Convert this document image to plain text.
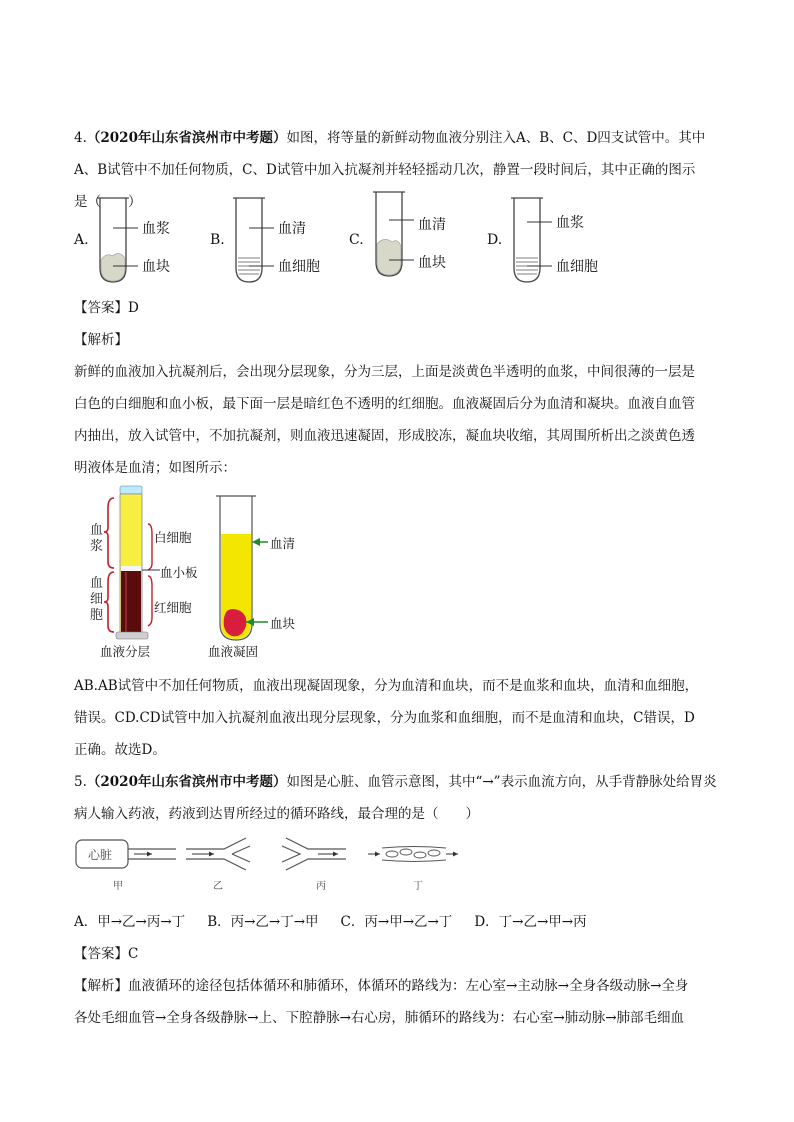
4.（2020年山东省滨州市中考题）如图，将等量的新鲜动物血液分别注入A、B、C、D四支试管中。其中
A、B试管中不加任何物质，C、D试管中加入抗凝剂并轻轻摇动几次，静置一段时间后，其中正确的图示
是（　　）
A.	B.	C.	D.
血浆
血块
血清
血细胞
血清
血块
血浆
血细胞
【答案】D
【解析】
新鲜的血液加入抗凝剂后，会出现分层现象，分为三层，上面是淡黄色半透明的血浆，中间很薄的一层是
白色的白细胞和血小板，最下面一层是暗红色不透明的红细胞。血液凝固后分为血清和凝块。血液自血管
内抽出，放入试管中，不加抗凝剂，则血液迅速凝固，形成胶冻，凝血块收缩，其周围所析出之淡黄色透
明液体是血清；如图所示：
血
浆
血
细
胞
白细胞
血小板
红细胞
血液分层
血清
血块
血液凝固
AB.AB试管中不加任何物质，血液出现凝固现象，分为血清和血块，而不是血浆和血块，血清和血细胞，
错误。CD.CD试管中加入抗凝剂血液出现分层现象，分为血浆和血细胞，而不是血清和血块，C错误，D
正确。故选D。
5.（2020年山东省滨州市中考题）如图是心脏、血管示意图，其中“→”表示血流方向，从手背静脉处给胃炎
病人输入药液，药液到达胃所经过的循环路线，最合理的是（　　）
心脏
甲	乙	丙	丁
A．甲→乙→丙→丁 B．丙→乙→丁→甲 C．丙→甲→乙→丁 D．丁→乙→甲→丙
【答案】C
【解析】血液循环的途径包括体循环和肺循环，体循环的路线为：左心室→主动脉→全身各级动脉→全身
各处毛细血管→全身各级静脉→上、下腔静脉→右心房，肺循环的路线为：右心室→肺动脉→肺部毛细血
